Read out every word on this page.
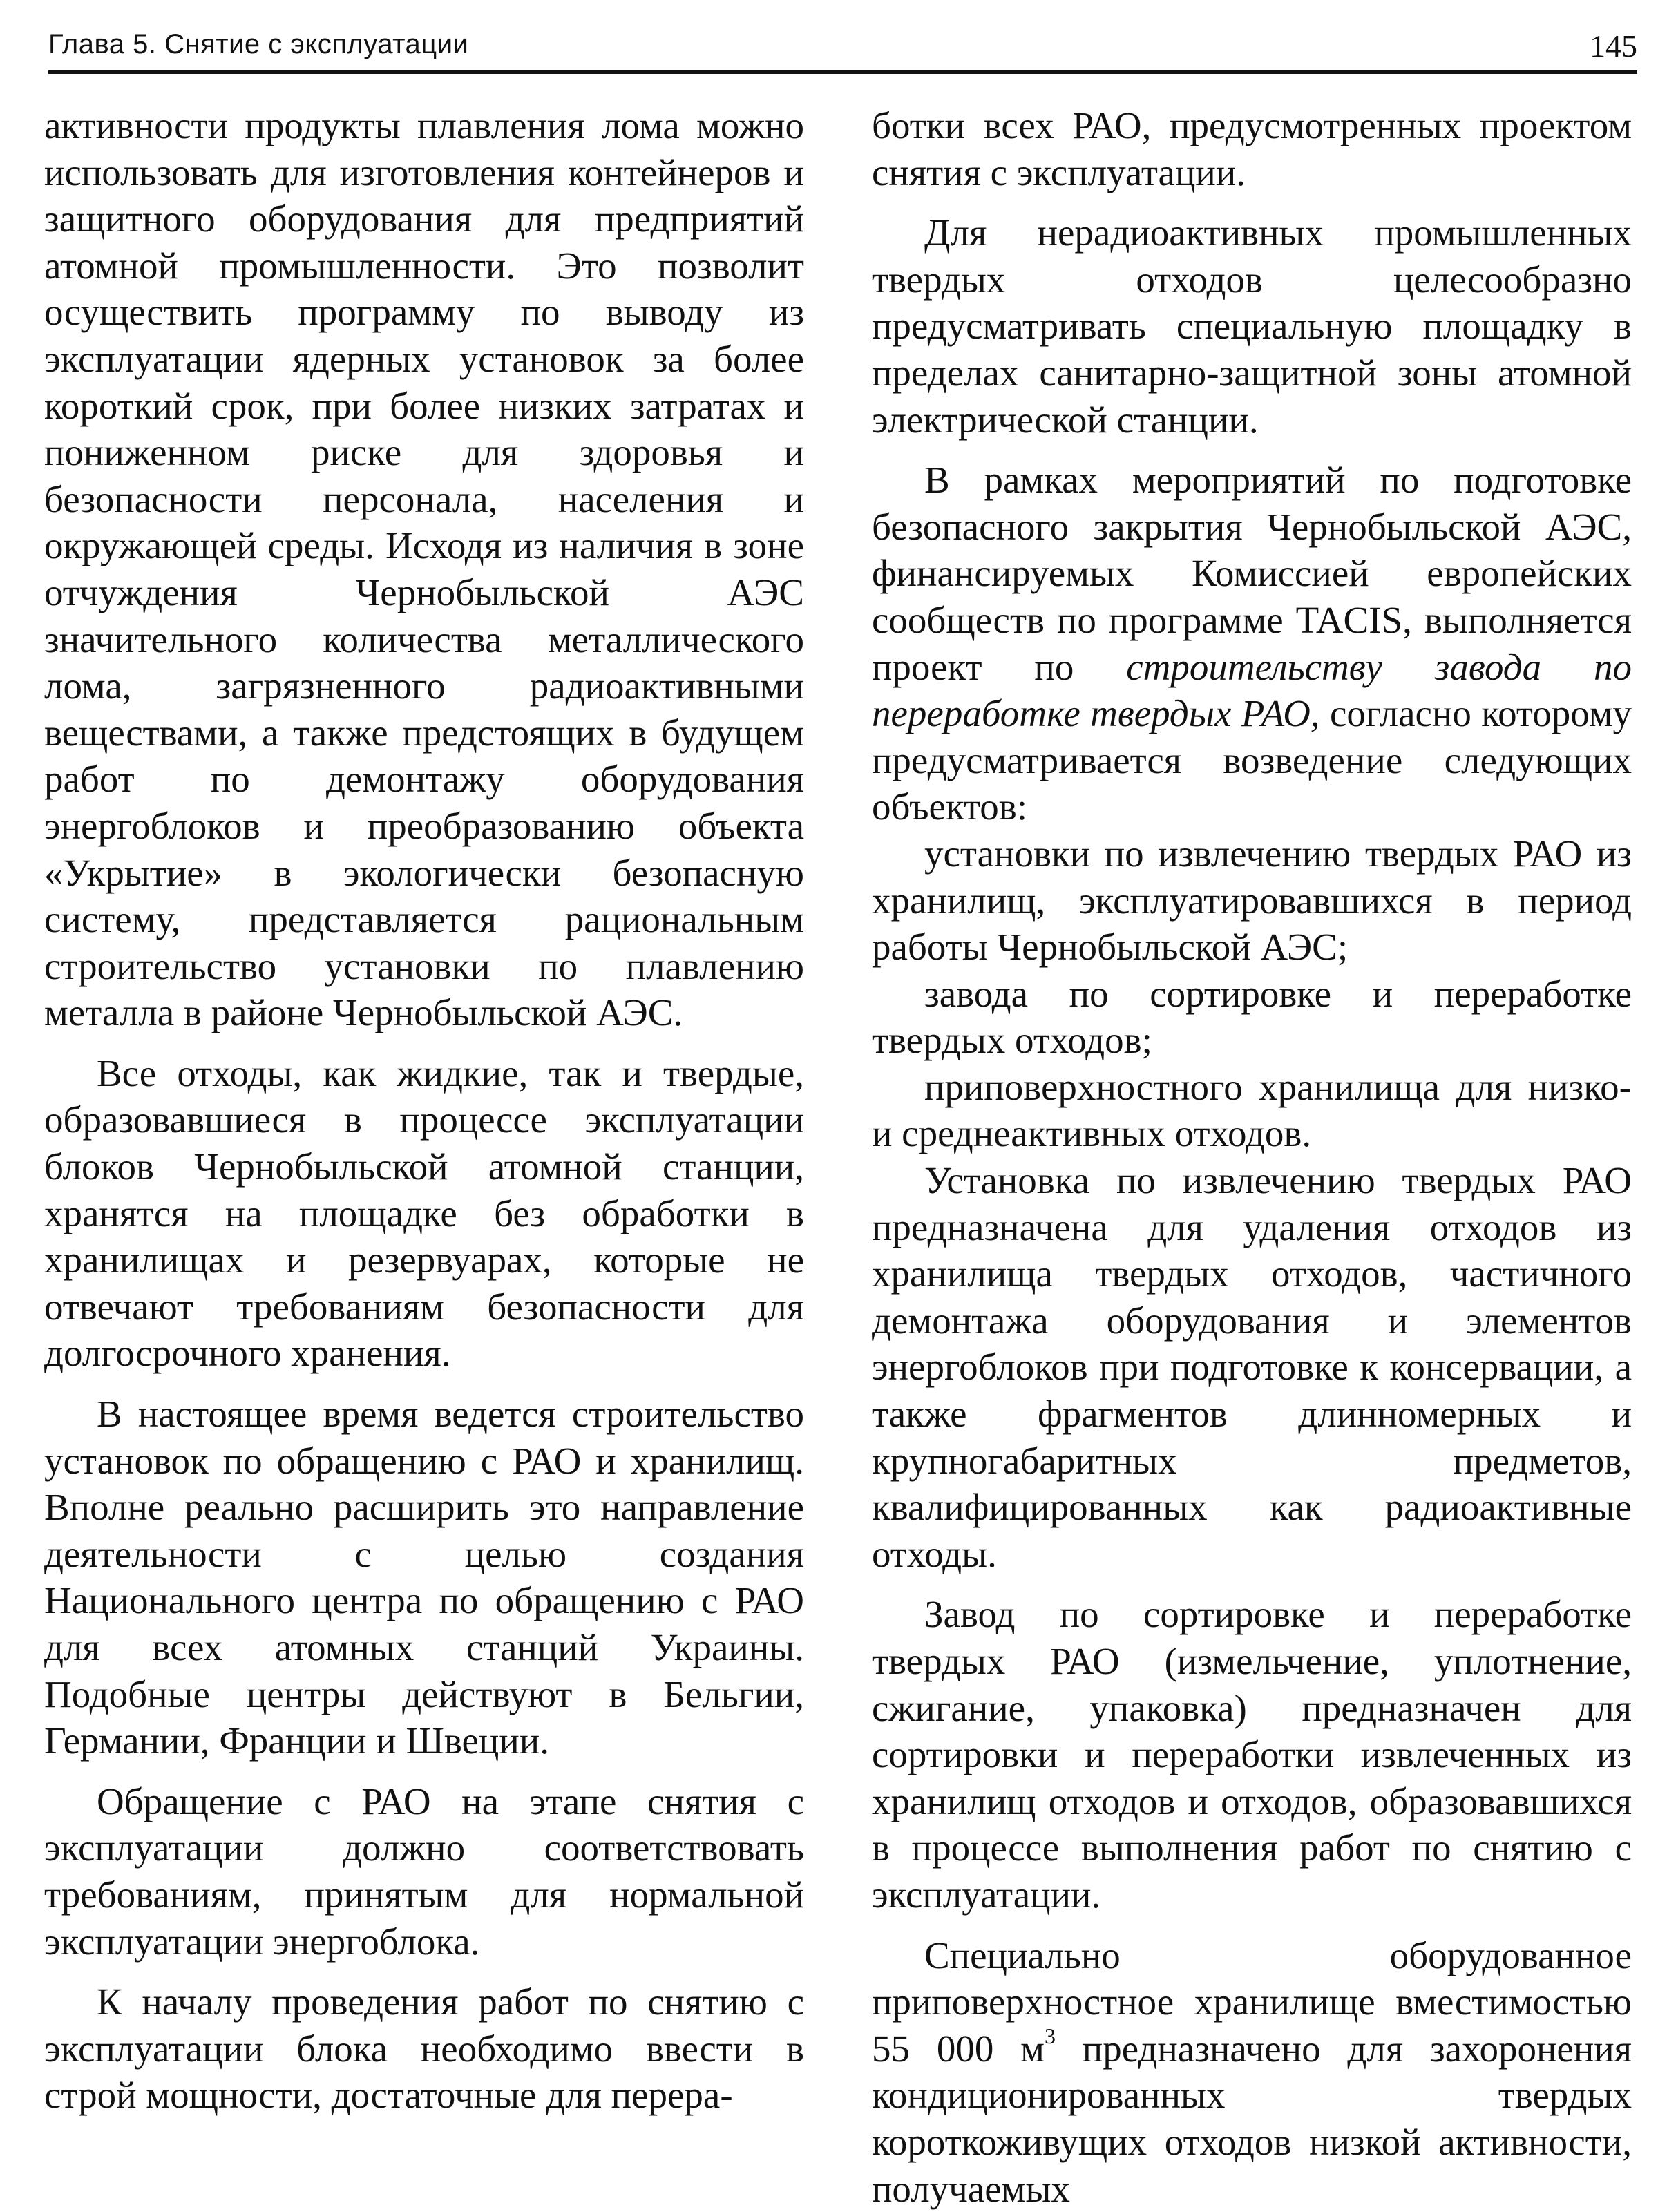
Глава 5. Снятие с эксплуатации	145

активности продукты плавления лома можно использовать для изготовления контейнеров и защитного оборудования для предприятий атомной промышленности. Это позволит осуществить программу по выводу из эксплуатации ядерных установок за более короткий срок, при более низких затратах и пониженном риске для здоровья и безопасности персонала, населения и окружающей среды. Исходя из наличия в зоне отчуждения Чернобыльской АЭС значительного количества металлического лома, загрязненного радиоактивными веществами, а также предстоящих в будущем работ по демонтажу оборудования энергоблоков и преобразованию объекта «Укрытие» в экологически безопасную систему, представляется рациональным строительство установки по плавлению металла в районе Чернобыльской АЭС.

Все отходы, как жидкие, так и твердые, образовавшиеся в процессе эксплуатации блоков Чернобыльской атомной станции, хранятся на площадке без обработки в хранилищах и резервуарах, которые не отвечают требованиям безопасности для долгосрочного хранения.

В настоящее время ведется строительство установок по обращению с РАО и хранилищ. Вполне реально расширить это направление деятельности с целью создания Национального центра по обращению с РАО для всех атомных станций Украины. Подобные центры действуют в Бельгии, Германии, Франции и Швеции.

Обращение с РАО на этапе снятия с эксплуатации должно соответствовать требованиям, принятым для нормальной эксплуатации энергоблока.

К началу проведения работ по снятию с эксплуатации блока необходимо ввести в строй мощности, достаточные для перера-

ботки всех РАО, предусмотренных проектом снятия с эксплуатации.

Для нерадиоактивных промышленных твердых отходов целесообразно предусматривать специальную площадку в пределах санитарно-защитной зоны атомной электрической станции.

В рамках мероприятий по подготовке безопасного закрытия Чернобыльской АЭС, финансируемых Комиссией европейских сообществ по программе TACIS, выполняется проект по строительству завода по переработке твердых РАО, согласно которому предусматривается возведение следующих объектов:

установки по извлечению твердых РАО из хранилищ, эксплуатировавшихся в период работы Чернобыльской АЭС;

завода по сортировке и переработке твердых отходов;

приповерхностного хранилища для низко- и среднеактивных отходов.

Установка по извлечению твердых РАО предназначена для удаления отходов из хранилища твердых отходов, частичного демонтажа оборудования и элементов энергоблоков при подготовке к консервации, а также фрагментов длинномерных и крупногабаритных предметов, квалифицированных как радиоактивные отходы.

Завод по сортировке и переработке твердых РАО (измельчение, уплотнение, сжигание, упаковка) предназначен для сортировки и переработки извлеченных из хранилищ отходов и отходов, образовавшихся в процессе выполнения работ по снятию с эксплуатации.

Специально оборудованное приповерхностное хранилище вместимостью 55 000 $м^3$ предназначено для захоронения кондиционированных твердых короткоживущих отходов низкой активности, получаемых
